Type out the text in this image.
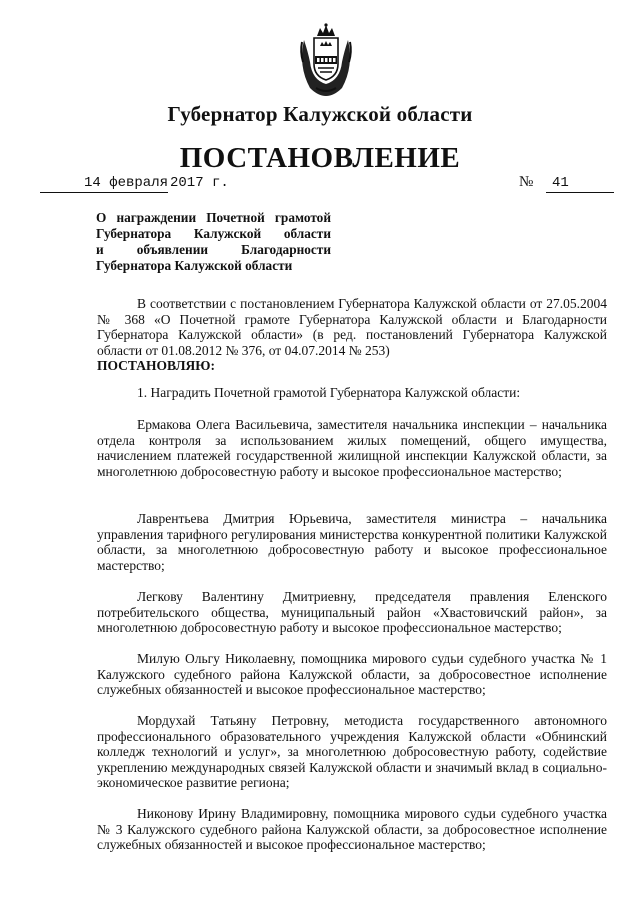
Губернатор Калужской области
ПОСТАНОВЛЕНИЕ
14 февраля 2017 г.	№	41
О награждении Почетной грамотой
Губернатора Калужской области
и объявлении Благодарности
Губернатора Калужской области

В соответствии с постановлением Губернатора Калужской области от 27.05.2004 № 368 «О Почетной грамоте Губернатора Калужской области и Благодарности Губернатора Калужской области» (в ред. постановлений Губернатора Калужской области от 01.08.2012 № 376, от 04.07.2014 № 253)

ПОСТАНОВЛЯЮ:

1. Наградить Почетной грамотой Губернатора Калужской области:

Ермакова Олега Васильевича, заместителя начальника инспекции – начальника отдела контроля за использованием жилых помещений, общего имущества, начислением платежей государственной жилищной инспекции Калужской области, за многолетнюю добросовестную работу и высокое профессиональное мастерство;

Лаврентьева Дмитрия Юрьевича, заместителя министра – начальника управления тарифного регулирования министерства конкурентной политики Калужской области, за многолетнюю добросовестную работу и высокое профессиональное мастерство;

Легкову Валентину Дмитриевну, председателя правления Еленского потребительского общества, муниципальный район «Хвастовичский район», за многолетнюю добросовестную работу и высокое профессиональное мастерство;

Милую Ольгу Николаевну, помощника мирового судьи судебного участка № 1 Калужского судебного района Калужской области, за добросовестное исполнение служебных обязанностей и высокое профессиональное мастерство;

Мордухай Татьяну Петровну, методиста государственного автономного профессионального образовательного учреждения Калужской области «Обнинский колледж технологий и услуг», за многолетнюю добросовестную работу, содействие укреплению международных связей Калужской области и значимый вклад в социально-экономическое развитие региона;

Никонову Ирину Владимировну, помощника мирового судьи судебного участка № 3 Калужского судебного района Калужской области, за добросовестное исполнение служебных обязанностей и высокое профессиональное мастерство;
